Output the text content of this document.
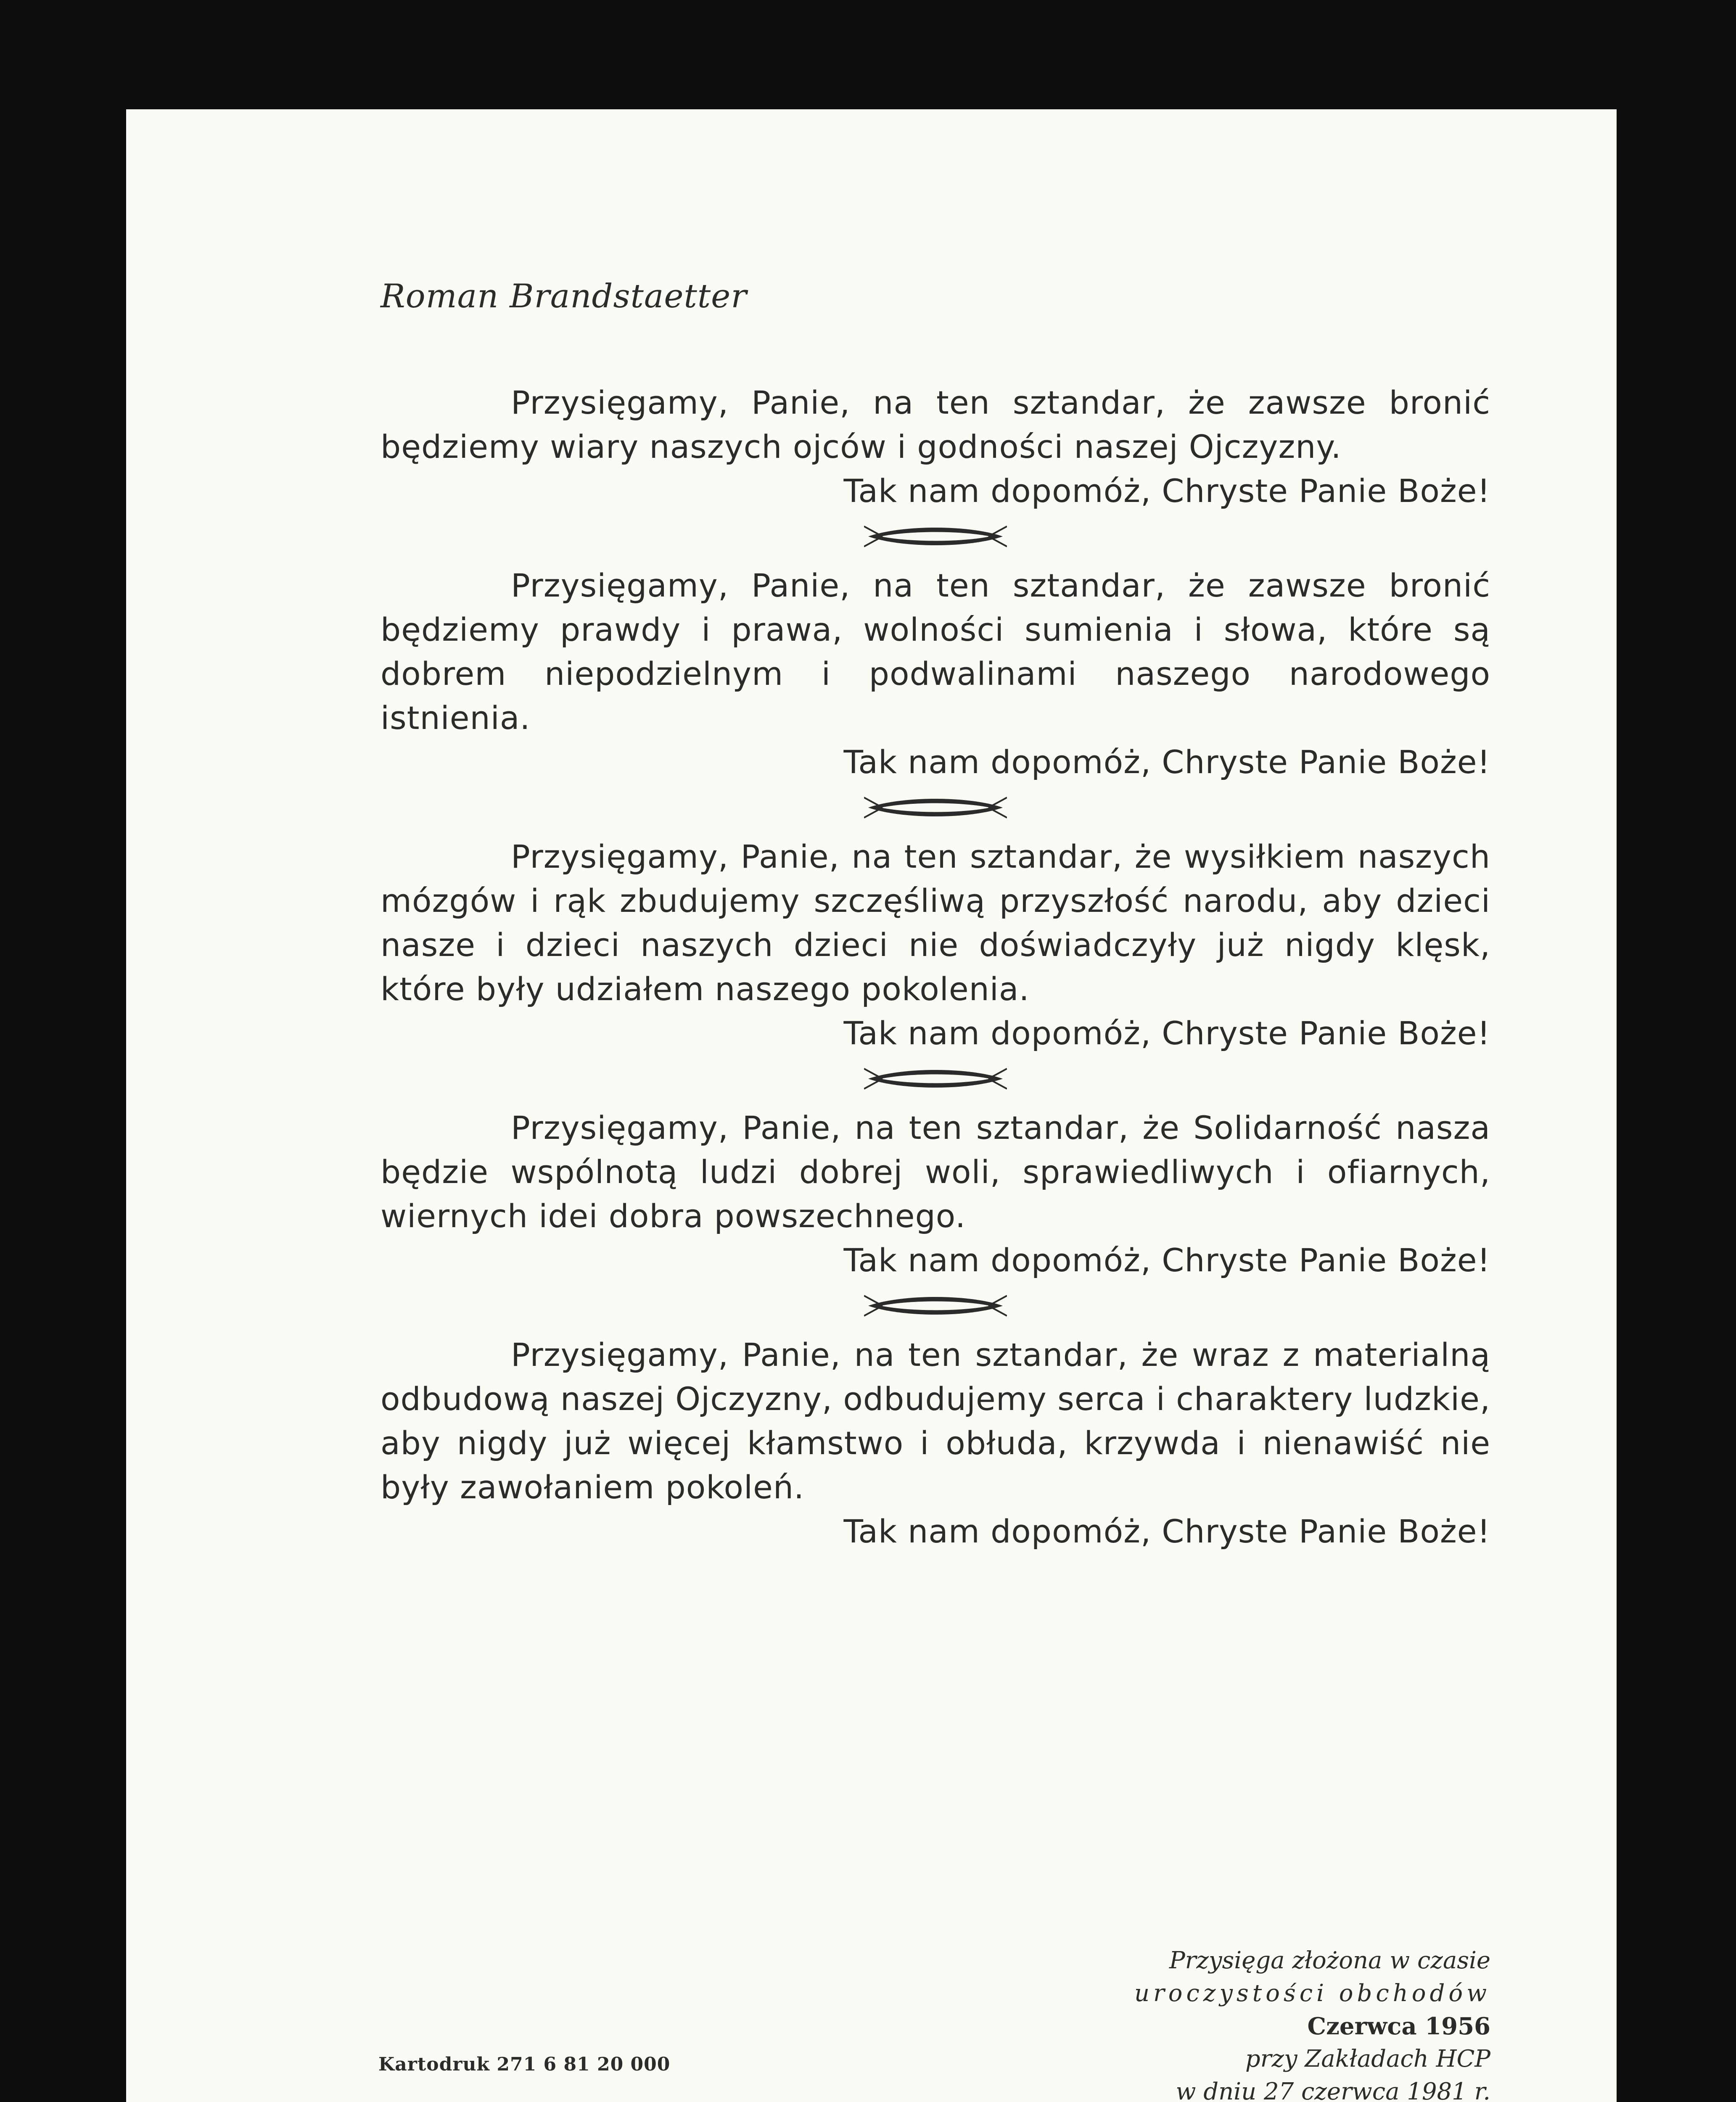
Roman Brandstaetter

Przysięgamy, Panie, na ten sztandar, że zawsze bronić będziemy wiary naszych ojców i godności naszej Ojczyzny.

Tak nam dopomóż, Chryste Panie Boże!

Przysięgamy, Panie, na ten sztandar, że zawsze bronić będziemy prawdy i prawa, wolności sumienia i słowa, które są dobrem niepodzielnym i podwalinami naszego narodowego istnienia.

Tak nam dopomóż, Chryste Panie Boże!

Przysięgamy, Panie, na ten sztandar, że wysiłkiem naszych mózgów i rąk zbudujemy szczęśliwą przyszłość narodu, aby dzieci nasze i dzieci naszych dzieci nie doświadczyły już nigdy klęsk, które były udziałem naszego pokolenia.

Tak nam dopomóż, Chryste Panie Boże!

Przysięgamy, Panie, na ten sztandar, że Solidarność nasza będzie wspólnotą ludzi dobrej woli, sprawiedliwych i ofiarnych, wiernych idei dobra powszechnego.

Tak nam dopomóż, Chryste Panie Boże!

Przysięgamy, Panie, na ten sztandar, że wraz z materialną odbudową naszej Ojczyzny, odbudujemy serca i charaktery ludzkie, aby nigdy już więcej kłamstwo i obłuda, krzywda i nienawiść nie były zawołaniem pokoleń.

Tak nam dopomóż, Chryste Panie Boże!

Przysięga złożona w czasie
uroczystości obchodów
Czerwca 1956
przy Zakładach HCP
w dniu 27 czerwca 1981 r.
Kartodruk 271 6 81 20 000
